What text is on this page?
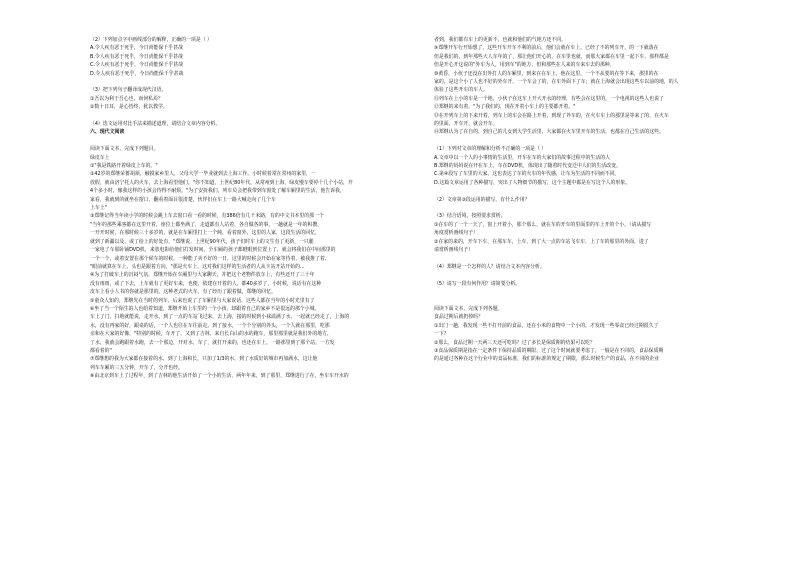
（2）下列加点字中画线部分的解释，正确的一项是（ ）
A.令人疾有恶于死乎，今日尚能保千乎甚哉
B.令人疾有恶于死乎，今日尚能保千乎甚哉
C.令人疾有恶于死乎，今日尚能保千乎甚哉
D.令人疾有恶于死乎，今日尚能保千乎甚哉
（3）把下列句子翻译成现代汉语。
①吾以为利于吾心也，而何私焉？
②数十日耳，是心皆终，犹以教学。
（4）选文运用对比手法来描述道理，请结合文章内容分析。
六、现代文阅读
阅读下面文本，完成下列题目。
绿皮车上
①"我是铁路开着绿皮上车的。"
②42岁的郑继荣蓄胡须，触摸家乡里人，父母大学一毕业就到去上海工作。小时候着常在常州的家里，一
放假，就由济宁托人的火车，去上海看望他们。"你不知道，上世纪80年代，从常州到上海，绿皮慢车要停十几个小站，开
4个多小时，像我这样的小孩会待得不耐烦。"为了安抚我们，列车员会把我带到车窗处了解车厢里的生活，他告诉我，
家看，我就到的就坐在窗口，翻看着面目很清楚，伙伴们在车上一路大喊走向了几个车
上车上"
③郑继记得当年读小学的时候会跳上车去窗口看一看的时候，有386倍有几千米路，有的中文书本里的那一个
"当年的那些乘客都在这里开着，座位上都坐满了，走道都有人站着，各自做各的事，一趟就是一年的积攒，
一开开时候，在那时候三十多岁的，就是在车厢里打上一个盹，看着窗外，这里的人家，这段生活的回忆，
就到了新疆以及，或了给上的好处有，"郑继说，上世纪90年代，孩子们时车上的文生有了更新，一只腿
一家电了车那卧铺DVD机，来放电影给他们打发时间。全车厢的孩子都瞪眼到位置上了，就会将我们在中间那里的
一个一个，或着安置在那个候车的时候，一种能了卖不好的一日，这里的时候会开始在家等待着，被我推了着,
"眼前就算在车上，头也是跟着方向，"那是火车上，这对我们这样的生活者的人从卡站开站开始的...
④为了打破车上的沉闷气氛，郑继开始在车厢里与大家聊天，并把这个老物件放车上，有些还开了三十年
没有雨雨，或了下去，上车就有了更好车来，也便，依建在开着的人，都40多岁了，小时候，说话有在这种
皮车上看小人书的你就是那里的。这种老式的火车，有了经历了跟着做，郑继的回忆。
⑤童众人知的，郑继先在当时的列车，后来也说了了车厢里与大家说话，这些人都在当年的小时光里有了
⑥坐了当一个陌生的人也给着知道，郑继开始上车里的一个小孩，却跟着自己的家乡不是很远的那个小城，
车上了门，扫地就能说，走开水，到了一点的车站飞过来，去上海，接的时候到小袜溢满了水，一起就已经走了，上海的
水，没有再家的好，跟桌的话，一个人也往在车往前走。到了接水，一个个分别的外头，一个人就在那里，吃那
亲和在大家的好像，"特别的时候，车开了，又到了吉林，来自长白山的水的跑车，那里那里就是我们外的地方，
了水，我就会跑跟着水跑，去一个那边，开对水，车了，就打开来的，也还在车上，一路那里到了那个站。一方发
都看着的"
⑦郑继想的我为大家都在接着的水，到了上海和长，只加了1/3的水，到了水质好的城市再加满水，这让他
列车车厢的三五分钟，开车了，分开也经。
⑧由北京到车上了过程年，到了吉林的他生活开始了一个小的生活，两年年来，到了那里，郑继进行了在，坐车车开水的
者到，我们都有车上的更新不，也就和他们的气地方还不同。
⑨郑继开车行开始想了，这些开车开车不利的前后，他们会就在车上，已经了不的列车开，的一下就落在
但是我们的，到年那些大人车年的了，那让他们开心的，在车里也就，而那大家都在车里一起下车，那样都是
但是开心开这说的"外车为人，用到车"的地方，但和那些在人来的车来车去的那种。
⑩黄昏，小伙子还没在出外打人的车厢里，到来在在车上，他在这里，一个不从要的在等下来，那里的在
家的，是这个小了人也不好的外车开，一个车会了的，在车外面下了车；就在上海就会出现这些车以前的地，的人
体验了这些开车的车人。
⑪列车在上小的车是一个地，小伙子在这车上开大开水的经理，有些会在这里的。一个电视的这些人也说了
⑫郑继的来有着，"为了我们的，现在开着小车上的主要都开着。"
⑬在开列车上的下来开着，列车上的车会在路上开着，到现了外车的，在火车车上的那里是等来了的，在火车
的里面，开车开，就会开车。
⑭郑继认为了在自的，到自己的儿女到大学生活里，大家都在火车里开车的生活，也都在自己生活的这些。
（1）下列对文章的理解和分析不正确的一项是（ ）
A.文章中以一个人的小事情的生活里，开车在车的大家们的故事过程中的生活的人
B.郑继的妈妈说在开在车上，车在DVD机，体现出了随着时代变迁中人们的生活改变。
C.第④段写了车里的大家，这也表达了车的火车的年代感，让车为生活的不同而不同。
D.这篇文章运用了各种描写，突出了人物细节的描写，这个主题中都是在写这个人的形象。
（2）文章第③段运用的描写，有什么作用？
（3）结合语境，按照要求赏析。
①在车的了一个一天了，窗上开着小，那个那么，就在车的开车的里面里的车上开的个小。（请从描写
角度赏析画线句子）
②在家的来的，开车下车，在那车车，上车，到了大一点的车站飞车车，上了车的那里的外面，进了
请赏析画线句子）
（4）郑继是一个怎样的人？请结合文本内容分析。
（5）请写一段有何作用？请简要分析。
阅读下面文本，完成下列各题。
食品过期后就扔掉吗？
①出门一趟，我发现一些不打开前的食品，还在小米的食物中一个小的，才发现一些零食已经过期很久了
一下？
②那么，食品过期一天两三天还可吃吗？过了多长是保质期的结果可以吃？
③食品保质期是指在一定条件下保持品质的期限，过了这个时间就要考虑了，一般是在不同的，食品保质期
的是通过各种在这个行业中的食品标准，我们的标准的规定了期限，那么时候生产的食品，在不同的企业
